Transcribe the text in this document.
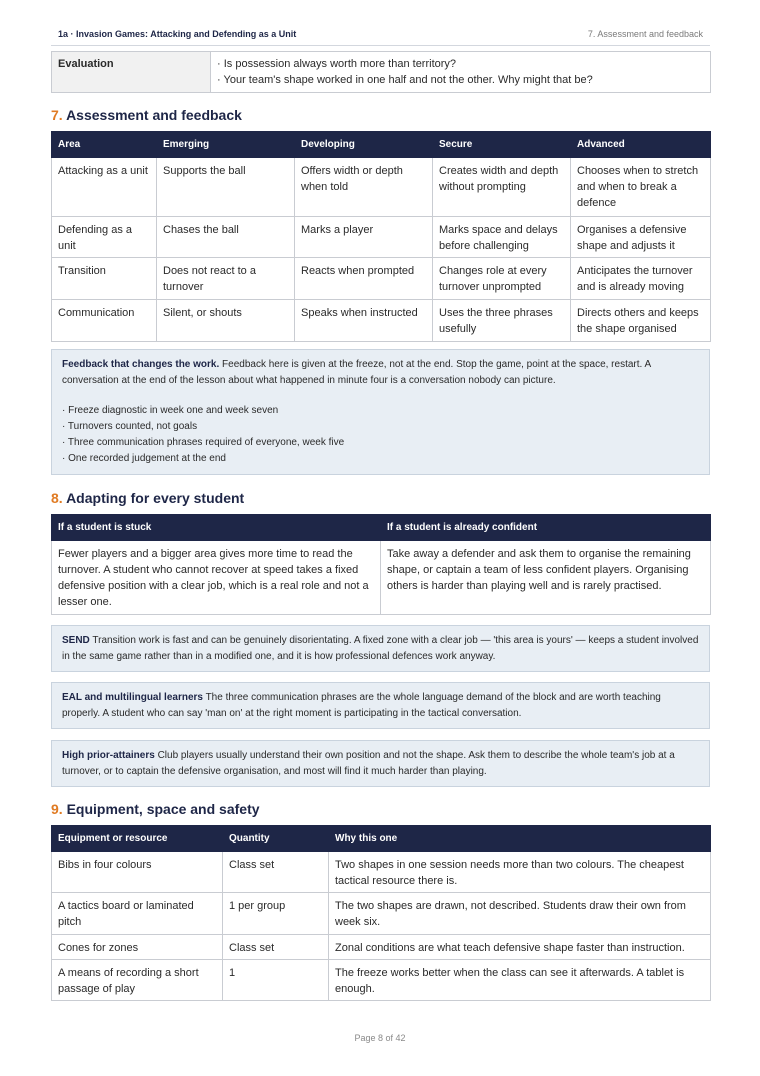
1a · Invasion Games: Attacking and Defending as a Unit	7. Assessment and feedback
Evaluation	· Is possession always worth more than territory?
· Your team's shape worked in one half and not the other. Why might that be?
7. Assessment and feedback
Area	Emerging	Developing	Secure	Advanced
Attacking as a unit	Supports the ball	Offers width or depth when told	Creates width and depth without prompting	Chooses when to stretch and when to break a defence
Defending as a unit	Chases the ball	Marks a player	Marks space and delays before challenging	Organises a defensive shape and adjusts it
Transition	Does not react to a turnover	Reacts when prompted	Changes role at every turnover unprompted	Anticipates the turnover and is already moving
Communication	Silent, or shouts	Speaks when instructed	Uses the three phrases usefully	Directs others and keeps the shape organised
Feedback that changes the work. Feedback here is given at the freeze, not at the end. Stop the game, point at the space, restart. A conversation at the end of the lesson about what happened in minute four is a conversation nobody can picture.
· Freeze diagnostic in week one and week seven
· Turnovers counted, not goals
· Three communication phrases required of everyone, week five
· One recorded judgement at the end
8. Adapting for every student
If a student is stuck	If a student is already confident
Fewer players and a bigger area gives more time to read the turnover. A student who cannot recover at speed takes a fixed defensive position with a clear job, which is a real role and not a lesser one.	Take away a defender and ask them to organise the remaining shape, or captain a team of less confident players. Organising others is harder than playing well and is rarely practised.
SEND Transition work is fast and can be genuinely disorientating. A fixed zone with a clear job — 'this area is yours' — keeps a student involved in the same game rather than in a modified one, and it is how professional defences work anyway.
EAL and multilingual learners The three communication phrases are the whole language demand of the block and are worth teaching properly. A student who can say 'man on' at the right moment is participating in the tactical conversation.
High prior-attainers Club players usually understand their own position and not the shape. Ask them to describe the whole team's job at a turnover, or to captain the defensive organisation, and most will find it much harder than playing.
9. Equipment, space and safety
Equipment or resource	Quantity	Why this one
Bibs in four colours	Class set	Two shapes in one session needs more than two colours. The cheapest tactical resource there is.
A tactics board or laminated pitch	1 per group	The two shapes are drawn, not described. Students draw their own from week six.
Cones for zones	Class set	Zonal conditions are what teach defensive shape faster than instruction.
A means of recording a short passage of play	1	The freeze works better when the class can see it afterwards. A tablet is enough.
Page 8 of 42
